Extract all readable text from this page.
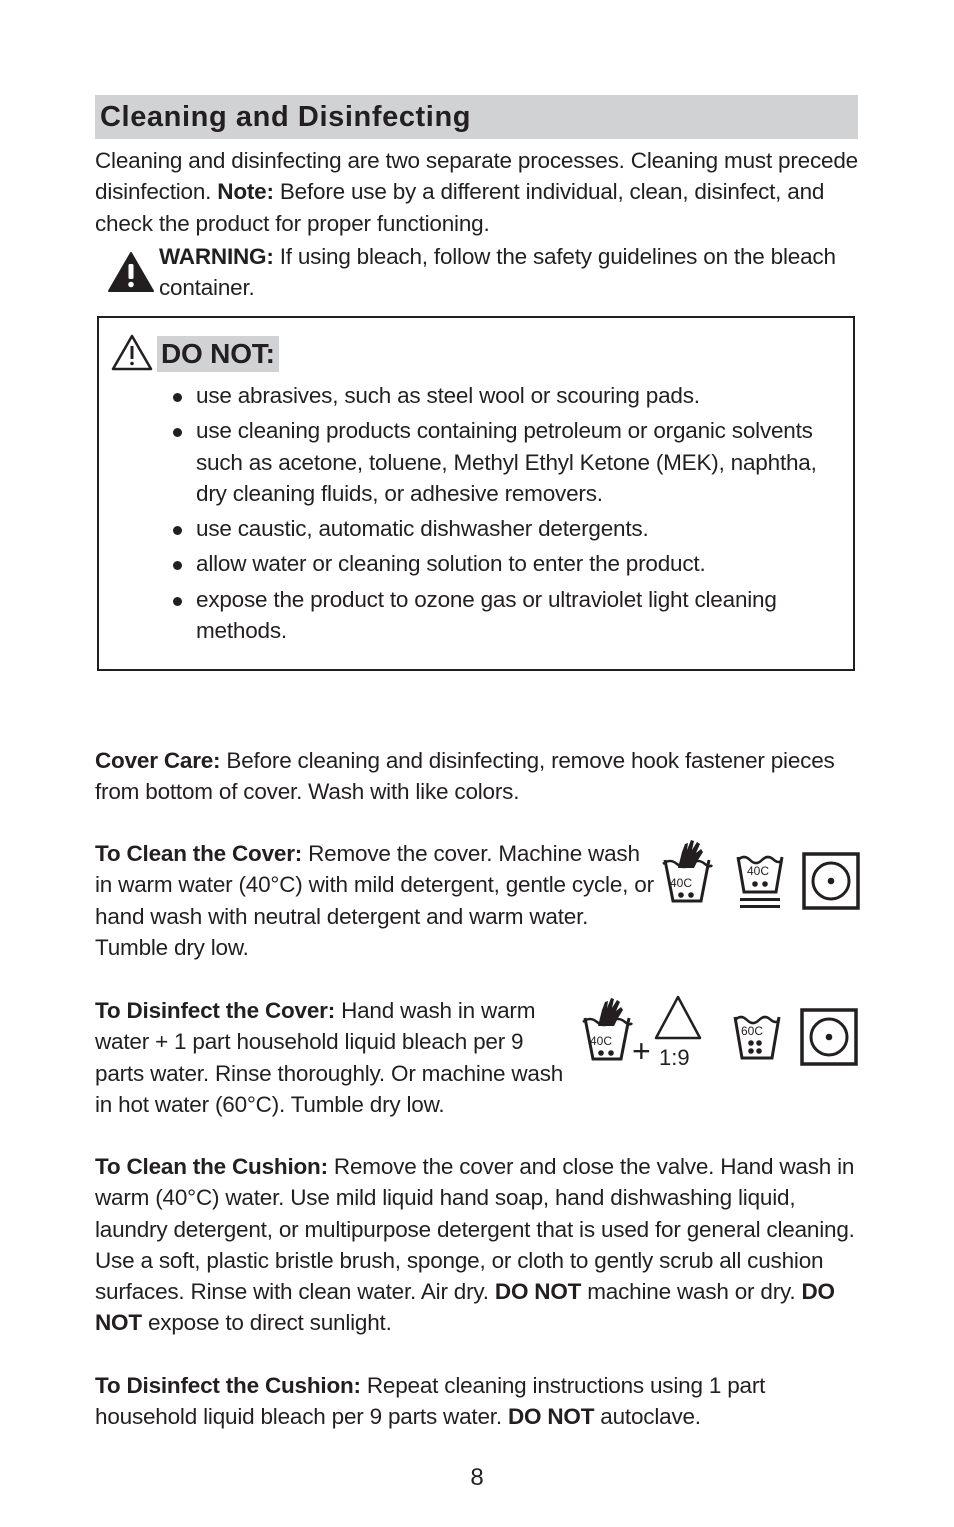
Cleaning and Disinfecting
Cleaning and disinfecting are two separate processes. Cleaning must precede disinfection. Note: Before use by a different individual, clean, disinfect, and check the product for proper functioning.
WARNING: If using bleach, follow the safety guidelines on the bleach container.
DO NOT:
use abrasives, such as steel wool or scouring pads.
use cleaning products containing petroleum or organic solvents such as acetone, toluene, Methyl Ethyl Ketone (MEK), naphtha, dry cleaning fluids, or adhesive removers.
use caustic, automatic dishwasher detergents.
allow water or cleaning solution to enter the product.
expose the product to ozone gas or ultraviolet light cleaning methods.
Cover Care: Before cleaning and disinfecting, remove hook fastener pieces from bottom of cover. Wash with like colors.
To Clean the Cover: Remove the cover. Machine wash in warm water (40°C) with mild detergent, gentle cycle, or hand wash with neutral detergent and warm water. Tumble dry low.
40C
40C
To Disinfect the Cover: Hand wash in warm water + 1 part household liquid bleach per 9 parts water. Rinse thoroughly. Or machine wash in hot water (60°C). Tumble dry low.
40C + 1:9
60C
To Clean the Cushion: Remove the cover and close the valve. Hand wash in warm (40°C) water. Use mild liquid hand soap, hand dishwashing liquid, laundry detergent, or multipurpose detergent that is used for general cleaning. Use a soft, plastic bristle brush, sponge, or cloth to gently scrub all cushion surfaces. Rinse with clean water. Air dry. DO NOT machine wash or dry. DO NOT expose to direct sunlight.
To Disinfect the Cushion: Repeat cleaning instructions using 1 part household liquid bleach per 9 parts water. DO NOT autoclave.
8
